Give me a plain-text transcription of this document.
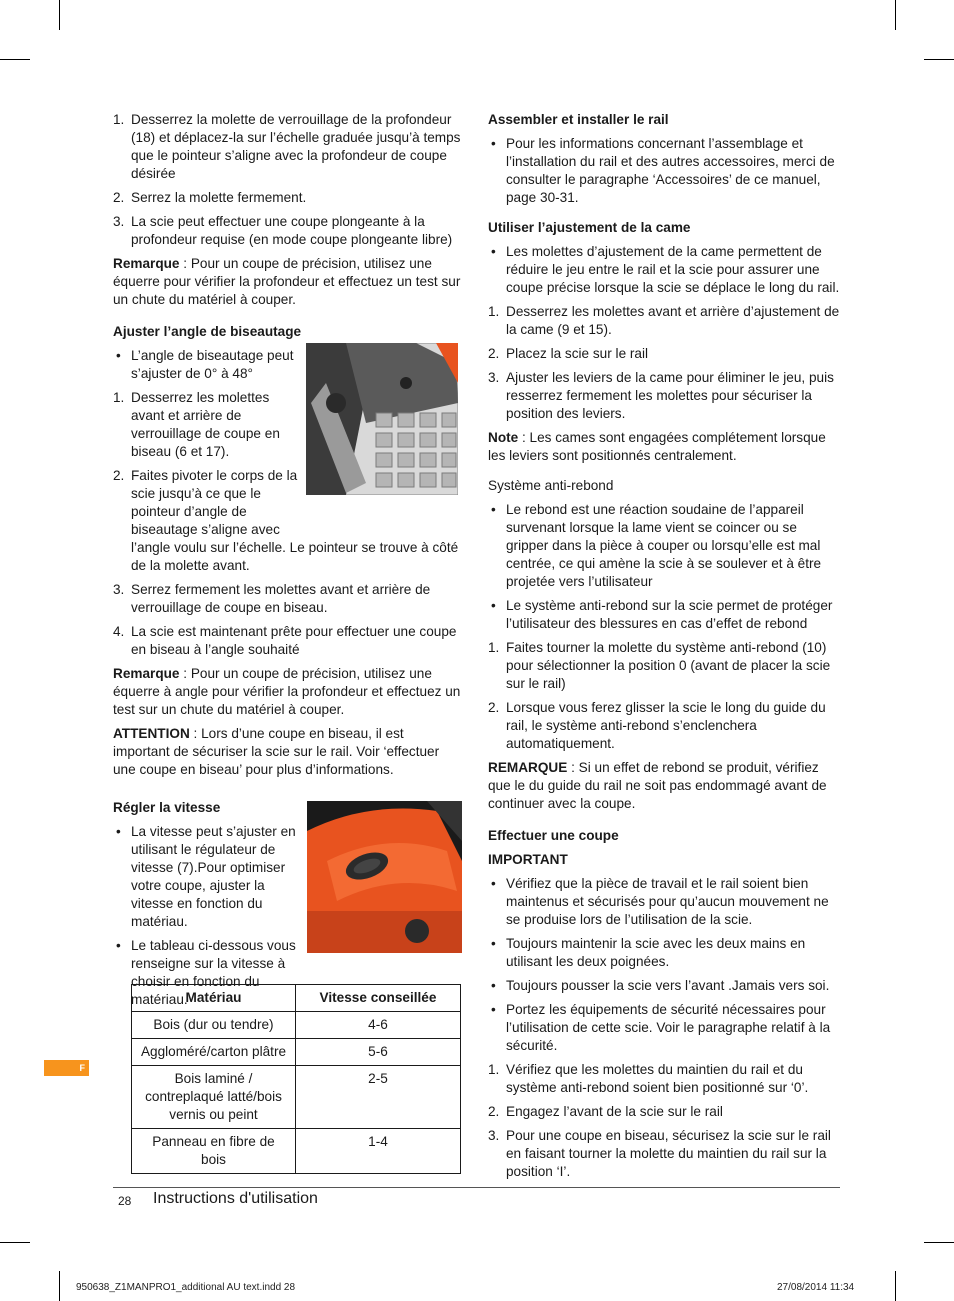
1. Desserrez la molette de verrouillage de la profondeur (18) et déplacez-la sur l’échelle graduée jusqu’à temps que le pointeur s’aligne avec la profondeur de coupe désirée
2. Serrez la molette fermement.
3. La scie peut effectuer une coupe plongeante à la profondeur requise (en mode coupe plongeante libre)

Remarque : Pour un coupe de précision, utilisez une équerre pour vérifier la profondeur et effectuez un test sur un chute du matériel à couper.

Ajuster l’angle de biseautage
• L’angle de biseautage peut s’ajuster de 0° à 48°
1. Desserrez les molettes avant et arrière de verrouillage de coupe en biseau (6 et 17).
2. Faites pivoter le corps de la scie jusqu’à ce que le pointeur d’angle de biseautage s’aligne avec
l’angle voulu sur l’échelle. Le pointeur se trouve à côté de la molette avant.
3. Serrez fermement les molettes avant et arrière de verrouillage de coupe en biseau.
4. La scie est maintenant prête pour effectuer une coupe en biseau à l’angle souhaité

Remarque : Pour un coupe de précision, utilisez une équerre à angle pour vérifier la profondeur et effectuez un test sur un chute du matériel à couper.

ATTENTION : Lors d’une coupe en biseau, il est important de sécuriser la scie sur le rail. Voir ‘effectuer une coupe en biseau’ pour plus d’informations.

Régler la vitesse
• La vitesse peut s’ajuster en utilisant le régulateur de vitesse (7).Pour optimiser votre coupe, ajuster la vitesse en fonction du matériau.
• Le tableau ci-dessous vous renseigne sur la vitesse à choisir en fonction du matériau.
Matériau	Vitesse conseillée
Bois (dur ou tendre)	4-6
Aggloméré/carton plâtre	5-6
Bois laminé / contreplaqué latté/bois vernis ou peint	2-5
Panneau en fibre de bois	1-4
Assembler et installer le rail
• Pour les informations concernant l’assemblage et l’installation du rail et des autres accessoires, merci de consulter le paragraphe ‘Accessoires’ de ce manuel, page 30-31.
Utiliser l’ajustement de la came
• Les molettes d’ajustement de la came permettent de réduire le jeu entre le rail et la scie pour assurer une coupe précise lorsque la scie se déplace le long du rail.
1. Desserrez les molettes avant et arrière d’ajustement de la came (9 et 15).
2. Placez la scie sur le rail
3. Ajuster les leviers de la came pour éliminer le jeu, puis resserrez fermement les molettes pour sécuriser la position des leviers.

Note : Les cames sont engagées complétement lorsque les leviers sont positionnés centralement.

Système anti-rebond

• Le rebond est une réaction soudaine de l’appareil survenant lorsque la lame vient se coincer ou se gripper dans la pièce à couper ou lorsqu’elle est mal centrée, ce qui amène la scie à se soulever et à être projetée vers l’utilisateur
• Le système anti-rebond sur la scie permet de protéger l’utilisateur des blessures en cas d’effet de rebond
1. Faites tourner la molette du système anti-rebond (10) pour sélectionner la position 0 (avant de placer la scie sur le rail)
2. Lorsque vous ferez glisser la scie le long du guide du rail, le système anti-rebond s’enclenchera automatiquement.

REMARQUE : Si un effet de rebond se produit, vérifiez que le du guide du rail ne soit pas endommagé avant de continuer avec la coupe.

Effectuer une coupe
IMPORTANT
• Vérifiez que la pièce de travail et le rail soient bien maintenus et sécurisés pour qu’aucun mouvement ne se produise lors de l’utilisation de la scie.
• Toujours maintenir la scie avec les deux mains en utilisant les deux poignées.
• Toujours pousser la scie vers l’avant .Jamais vers soi.
• Portez les équipements de sécurité nécessaires pour l’utilisation de cette scie. Voir le paragraphe relatif à la sécurité.
1. Vérifiez que les molettes du maintien du rail et du système anti-rebond soient bien positionné sur ‘0’.
2. Engagez l’avant de la scie sur le rail
3. Pour une coupe en biseau, sécurisez la scie sur le rail en faisant tourner la molette du maintien du rail sur la position ‘I’.
F
28 Instructions d'utilisation
950638_Z1MANPRO1_additional AU text.indd 28	27/08/2014 11:34
